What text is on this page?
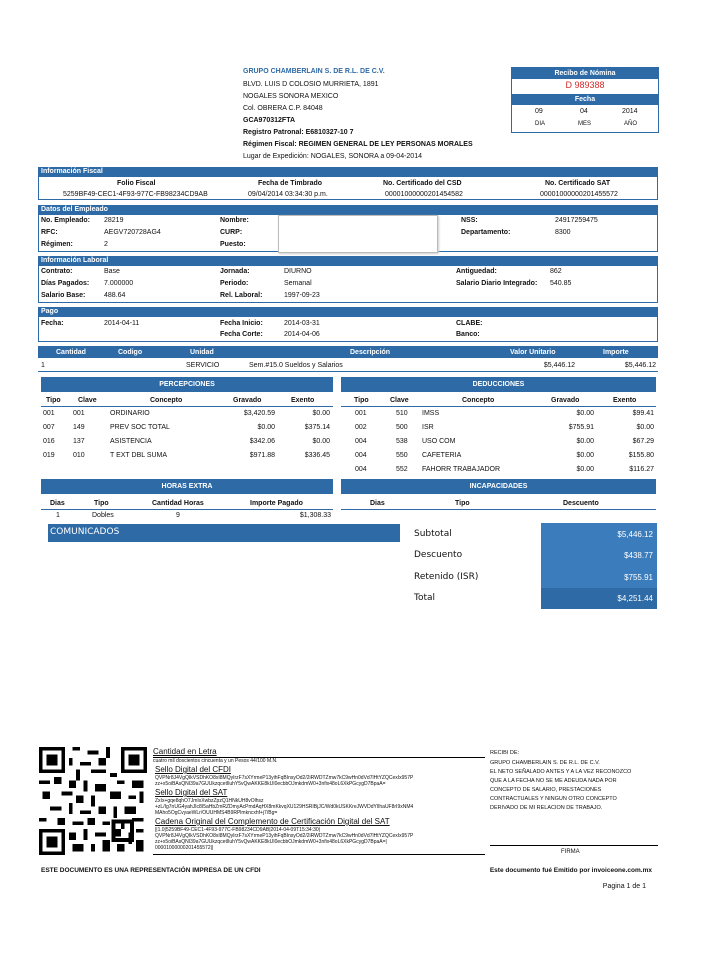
GRUPO CHAMBERLAIN S. DE R.L. DE C.V.
BLVD. LUIS D COLOSIO MURRIETA, 1891
NOGALES SONORA MEXICO
Col. OBRERA C.P. 84048
GCA970312FTA
Registro Patronal: E6810327-10 7
Régimen Fiscal: REGIMEN GENERAL DE LEY PERSONAS MORALES
Lugar de Expedición: NOGALES, SONORA a 09-04-2014
Recibo de Nómina
D 989388
Fecha
09	04	2014
DIA	MES	AÑO
Información Fiscal
Folio Fiscal	Fecha de Timbrado	No. Certificado del CSD	No. Certificado SAT
5259BF49-CEC1-4F93-977C-FB98234CD9AB	09/04/2014 03:34:30 p.m.	00001000000201454582	00001000000201455572
Datos del Empleado
No. Empleado: 28219
RFC:	AEGV720728AG4
Régimen:	2
Nombre:
CURP:
Puesto:
NSS:	24917259475
Departamento:	8300
Información Laboral
Contrato:	Base
Días Pagados: 7.000000
Salario Base:	488.64
Jornada:	DIURNO
Periodo:	Semanal
Rel. Laboral:	1997-09-23
Antiguedad:	862
Salario Diario Integrado: 540.85
Pago
Fecha:	2014-04-11	Fecha Inicio:	2014-03-31
Fecha Corte:	2014-04-06
CLABE:
Banco:
Cantidad	Codigo	Unidad	Descripción	Valor Unitario	Importe
1	SERVICIO	Sem.#15.0 Sueldos y Salarios	$5,446.12	$5,446.12
PERCEPCIONES
Tipo Clave	Concepto	Gravado	Exento
001	001	ORDINARIO	$3,420.59	$0.00
007	149	PREV SOC TOTAL	$0.00	$375.14
016	137	ASISTENCIA	$342.06	$0.00
019	010	T EXT DBL SUMA	$971.88	$336.45
DEDUCCIONES
Tipo	Clave	Concepto	Gravado	Exento
001	510 IMSS	$0.00	$99.41
002	500 ISR	$755.91	$0.00
004	538 USO COM	$0.00	$67.29
004	550 CAFETERIA	$0.00	$155.80
004	552 FAHORR TRABAJADOR	$0.00	$116.27
HORAS EXTRA
Dias	Tipo	Cantidad Horas	Importe Pagado
1	Dobles	9	$1,308.33
INCAPACIDADES
Dias	Tipo	Descuento
COMUNICADOS	Subtotal	$5,446.12
Descuento	$438.77
Retenido (ISR)	$755.91
Total	$4,251.44
Cantidad en Letra
cuatro mil doscientos cincuenta y un Pesos 44/100 M.N.
Sello Digital del CFDI
QVPNr8J4VgQIkVSDhKO8xI8MQyIrzF7sXYrmeP13yihFqBInsyOd2/2iRWDTZmw7kC9wHn0dVd7lHtYZQCexIx957P
zz+x5oiBAsQNI39a7GUUkzqcetIluhY5vQwAKKE8kUI0ecbbOJmkdmW0+3nfix48oL6XkPGcygD7BpaA=
Sello Digital del SAT
ZxIx+gqe8qhO7JmIxXwbzZpzQ1HNkUH8vOlhsz
+zL/Ig7nUG4yahJIc8I5aHbZmRZDmyAcPmdAqHX8mKkvqXU129HSRIBjJC/Wd0kUSKKreJWVDdYIlhaUF8rI9xNM4
MAho5OgCvyaeWLr/OUUHMS4B9RPlmkncxhf+j7/Bg=
Cadena Original del Complemento de Certificación Digital del SAT
||1.0|5259BF49-CEC1-4F93-977C-FB98234CD9AB|2014-04-09T15:34:30|
QVPNr8J4VgQIkVSDhKO8xI8MQyIrzF7sXYrmeP13yihFqBInsyOd2/2iRWDTZmw7kC9wHn0dVd7lHtYZQCexIx957P
zz+x5oiBAsQNI39a7GUUkzqcetIluhY5vQwAKKE8kUI0ecbbOJmkdmW0+3nfix48oL6XkPGcygD7BpaA=|
00001000000201455572||
RECIBI DE:
GRUPO CHAMBERLAIN S. DE R.L. DE C.V.
EL NETO SEÑALADO ANTES Y A LA VEZ RECONOZCO
QUE A LA FECHA NO SE ME ADEUDA NADA POR
CONCEPTO DE SALARIO, PRESTACIONES
CONTRACTUALES Y NINGUN OTRO CONCEPTO
DERIVADO DE MI RELACION DE TRABAJO.
FIRMA
ESTE DOCUMENTO ES UNA REPRESENTACIÓN IMPRESA DE UN CFDI	Este documento fué Emitido por invoiceone.com.mx
Pagina 1 de 1
